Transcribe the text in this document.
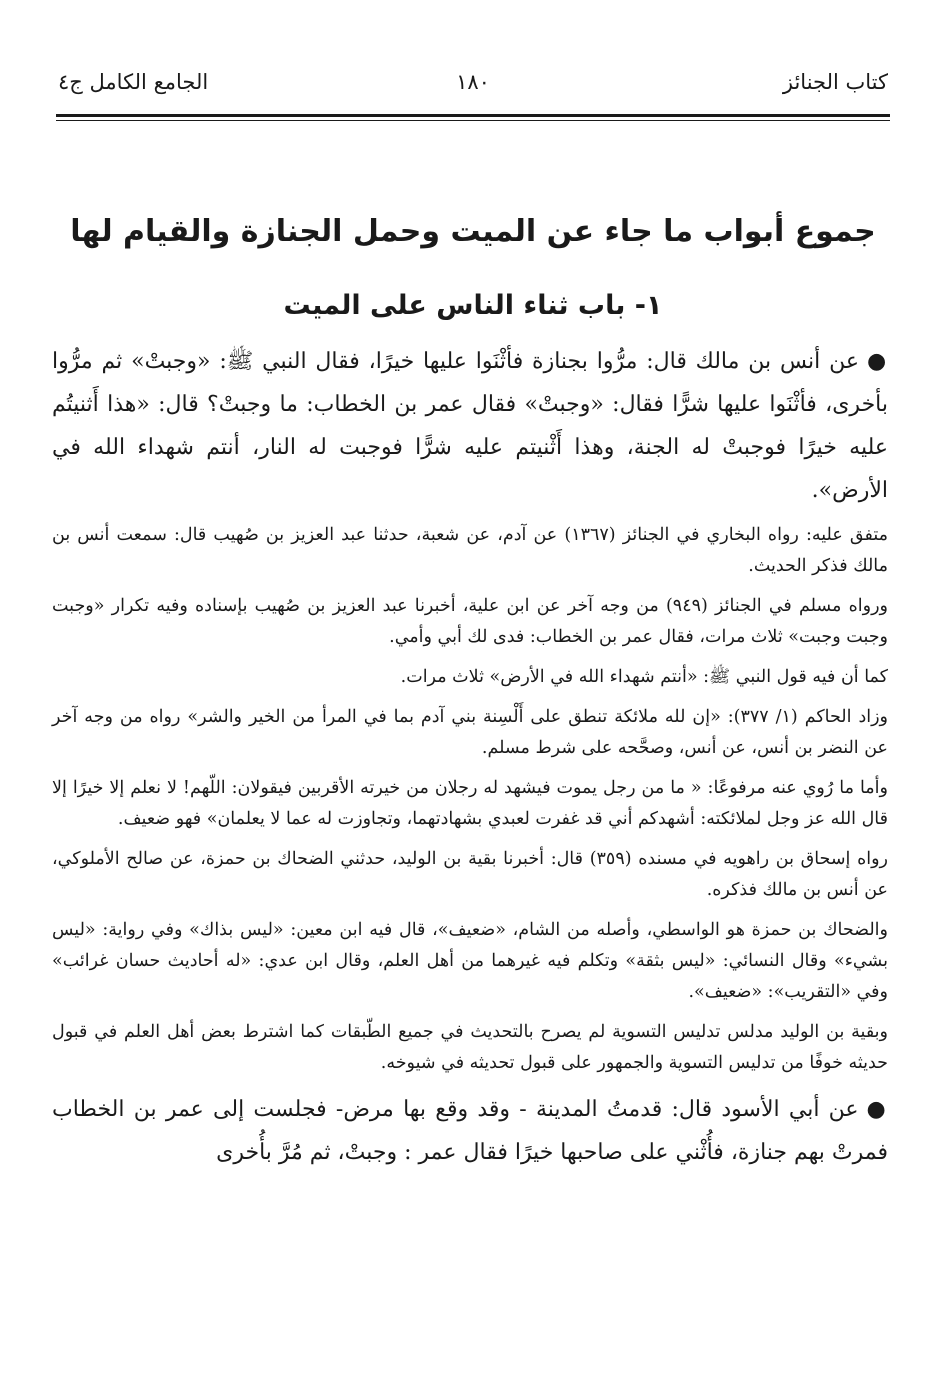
كتاب الجنائز
١٨٠
الجامع الكامل ج٤
جموع أبواب ما جاء عن الميت وحمل الجنازة والقيام لها
١- باب ثناء الناس على الميت

●عن أنس بن مالك قال: مرُّوا بجنازة فأثْنَوا عليها خيرًا، فقال النبي ﷺ: «وجبتْ» ثم مرُّوا بأخرى، فأثْنَوا عليها شرًّا فقال: «وجبتْ» فقال عمر بن الخطاب: ما وجبتْ؟ قال: «هذا أَثنيتُم عليه خيرًا فوجبتْ له الجنة، وهذا أَثْنيتم عليه شرًّا فوجبت له النار، أنتم شهداء الله في الأرض».

متفق عليه: رواه البخاري في الجنائز (١٣٦٧) عن آدم، عن شعبة، حدثنا عبد العزيز بن صُهيب قال: سمعت أنس بن مالك فذكر الحديث.

ورواه مسلم في الجنائز (٩٤٩) من وجه آخر عن ابن علية، أخبرنا عبد العزيز بن صُهيب بإسناده وفيه تكرار «وجبت وجبت وجبت» ثلاث مرات، فقال عمر بن الخطاب: فدى لك أبي وأمي.

كما أن فيه قول النبي ﷺ: «أنتم شهداء الله في الأرض» ثلاث مرات.

وزاد الحاكم (١/ ٣٧٧): «إن لله ملائكة تنطق على أَلْسِنة بني آدم بما في المرأ من الخير والشر» رواه من وجه آخر عن النضر بن أنس، عن أنس، وصحَّحه على شرط مسلم.

وأما ما رُوي عنه مرفوعًا: « ما من رجل يموت فيشهد له رجلان من خيرته الأقربين فيقولان: اللّهم! لا نعلم إلا خيرًا إلا قال الله عز وجل لملائكته: أشهدكم أني قد غفرت لعبدي بشهادتهما، وتجاوزت له عما لا يعلمان» فهو ضعيف.

رواه إسحاق بن راهويه في مسنده (٣٥٩) قال: أخبرنا بقية بن الوليد، حدثني الضحاك بن حمزة، عن صالح الأملوكي، عن أنس بن مالك فذكره.

والضحاك بن حمزة هو الواسطي، وأصله من الشام، «ضعيف»، قال فيه ابن معين: «ليس بذاك» وفي رواية: «ليس بشيء» وقال النسائي: «ليس بثقة» وتكلم فيه غيرهما من أهل العلم، وقال ابن عدي: «له أحاديث حسان غرائب» وفي «التقريب»: «ضعيف».

وبقية بن الوليد مدلس تدليس التسوية لم يصرح بالتحديث في جميع الطّبقات كما اشترط بعض أهل العلم في قبول حديثه خوفًا من تدليس التسوية والجمهور على قبول تحديثه في شيوخه.

●عن أبي الأسود قال: قدمتُ المدينة - وقد وقع بها مرض- فجلست إلى عمر بن الخطاب فمرتْ بهم جنازة، فأُثْني على صاحبها خيرًا فقال عمر : وجبتْ، ثم مُرَّ بأُخرى
